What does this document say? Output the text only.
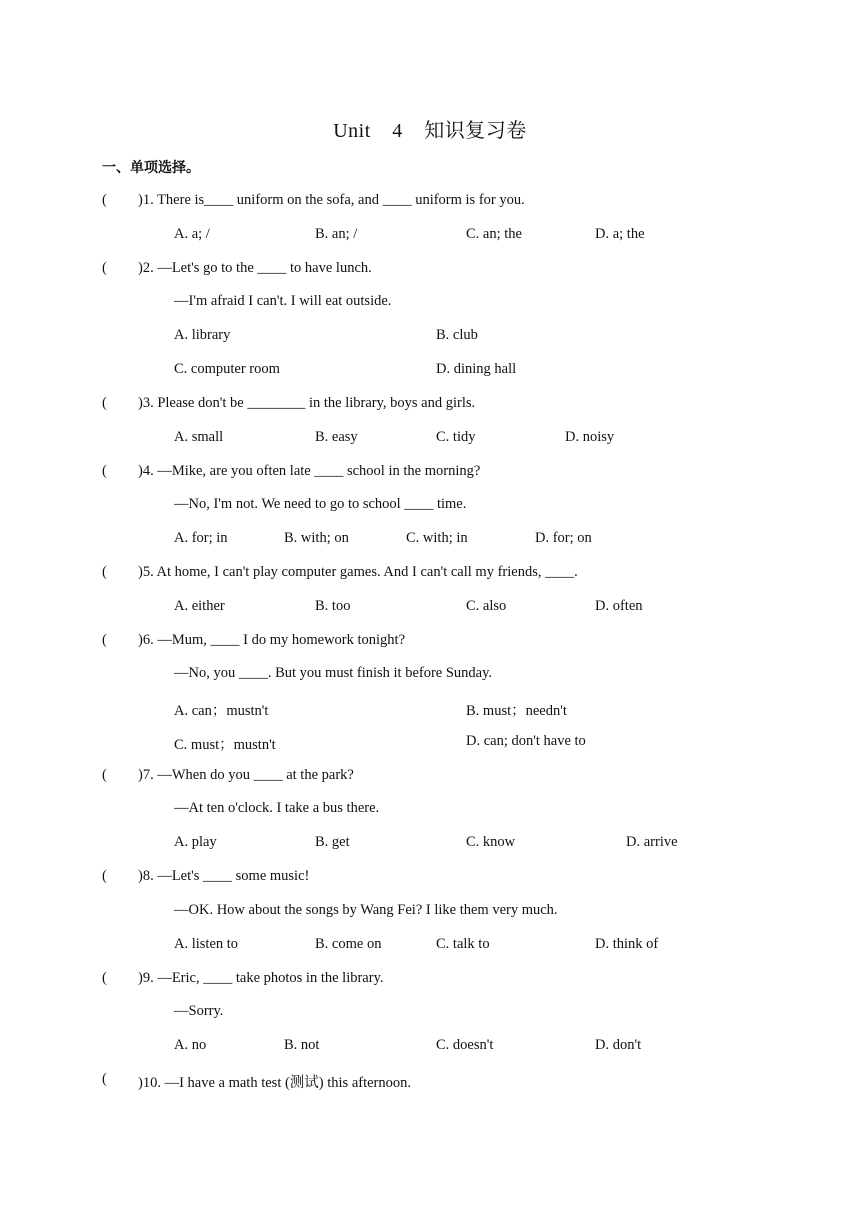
Unit 4 知识复习卷
一、单项选择。
( )1. There is____ uniform on the sofa, and ____ uniform is for you.
A. a; /	B. an; /	C. an; the	D. a; the
( )2. —Let's go to the ____ to have lunch.
—I'm afraid I can't. I will eat outside.
A. library	B. club
C. computer room	D. dining hall
( )3. Please don't be ________ in the library, boys and girls.
A. small	B. easy	C. tidy	D. noisy
( )4. —Mike, are you often late ____ school in the morning?
—No, I'm not. We need to go to school ____ time.
A. for; in	B. with; on	C. with; in	D. for; on
( )5. At home, I can't play computer games. And I can't call my friends, ____.
A. either	B. too	C. also	D. often
( )6. —Mum, ____ I do my homework tonight?
—No, you ____. But you must finish it before Sunday.
A. can；mustn't	B. must；needn't
C. must；mustn't	D. can; don't have to
( )7. —When do you ____ at the park?
—At ten o'clock. I take a bus there.
A. play	B. get	C. know	D. arrive
( )8. —Let's ____ some music!
—OK. How about the songs by Wang Fei? I like them very much.
A. listen to	B. come on	C. talk to	D. think of
( )9. —Eric, ____ take photos in the library.
—Sorry.
A. no	B. not	C. doesn't	D. don't
( )10. —I have a math test (测试) this afternoon.
